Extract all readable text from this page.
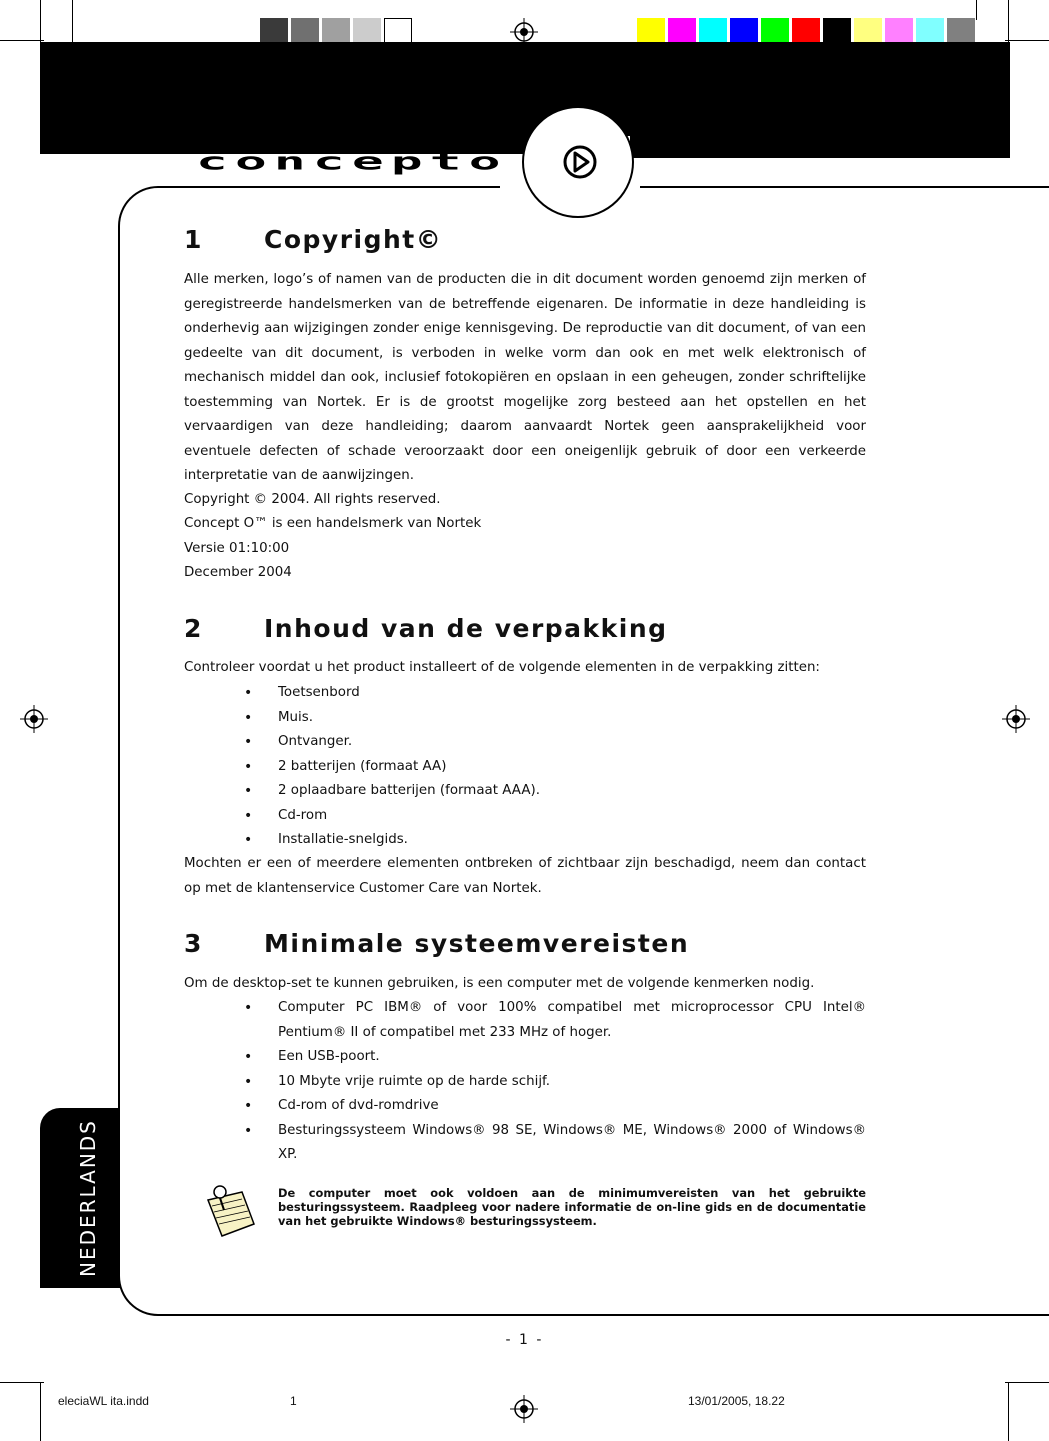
concepto
NEDERLANDS
1 Copyright©

Alle merken, logo’s of namen van de producten die in dit document worden genoemd zijn merken of geregistreerde handelsmerken van de betreffende eigenaren. De informatie in deze handleiding is onderhevig aan wijzigingen zonder enige kennisgeving. De reproductie van dit document, of van een gedeelte van dit document, is verboden in welke vorm dan ook en met welk elektronisch of mechanisch middel dan ook, inclusief fotokopiëren en opslaan in een geheugen, zonder schriftelijke toestemming van Nortek. Er is de grootst mogelijke zorg besteed aan het opstellen en het vervaardigen van deze handleiding; daarom aanvaardt Nortek geen aansprakelijkheid voor eventuele defecten of schade veroorzaakt door een oneigenlijk gebruik of door een verkeerde interpretatie van de aanwijzingen.

Copyright © 2004. All rights reserved.
Concept O™ is een handelsmerk van Nortek
Versie 01:10:00
December 2004
2 Inhoud van de verpakking
Controleer voordat u het product installeert of de volgende elementen in de verpakking zitten:
• Toetsenbord
• Muis.
• Ontvanger.
• 2 batterijen (formaat AA)
• 2 oplaadbare batterijen (formaat AAA).
• Cd-rom
• Installatie-snelgids.

Mochten er een of meerdere elementen ontbreken of zichtbaar zijn beschadigd, neem dan contact op met de klantenservice Customer Care van Nortek.

3 Minimale systeemvereisten
Om de desktop-set te kunnen gebruiken, is een computer met de volgende kenmerken nodig.
• Computer PC IBM® of voor 100% compatibel met microprocessor CPU Intel® Pentium® II of compatibel met 233 MHz of hoger.
• Een USB-poort.
• 10 Mbyte vrije ruimte op de harde schijf.
• Cd-rom of dvd-romdrive
• Besturingssysteem Windows® 98 SE, Windows® ME, Windows® 2000 of Windows® XP.

De computer moet ook voldoen aan de minimumvereisten van het gebruikte besturingssysteem. Raadpleeg voor nadere informatie de on-line gids en de documentatie van het gebruikte Windows® besturingssysteem.

- 1 -
eleciaWL ita.indd	1	13/01/2005, 18.22
